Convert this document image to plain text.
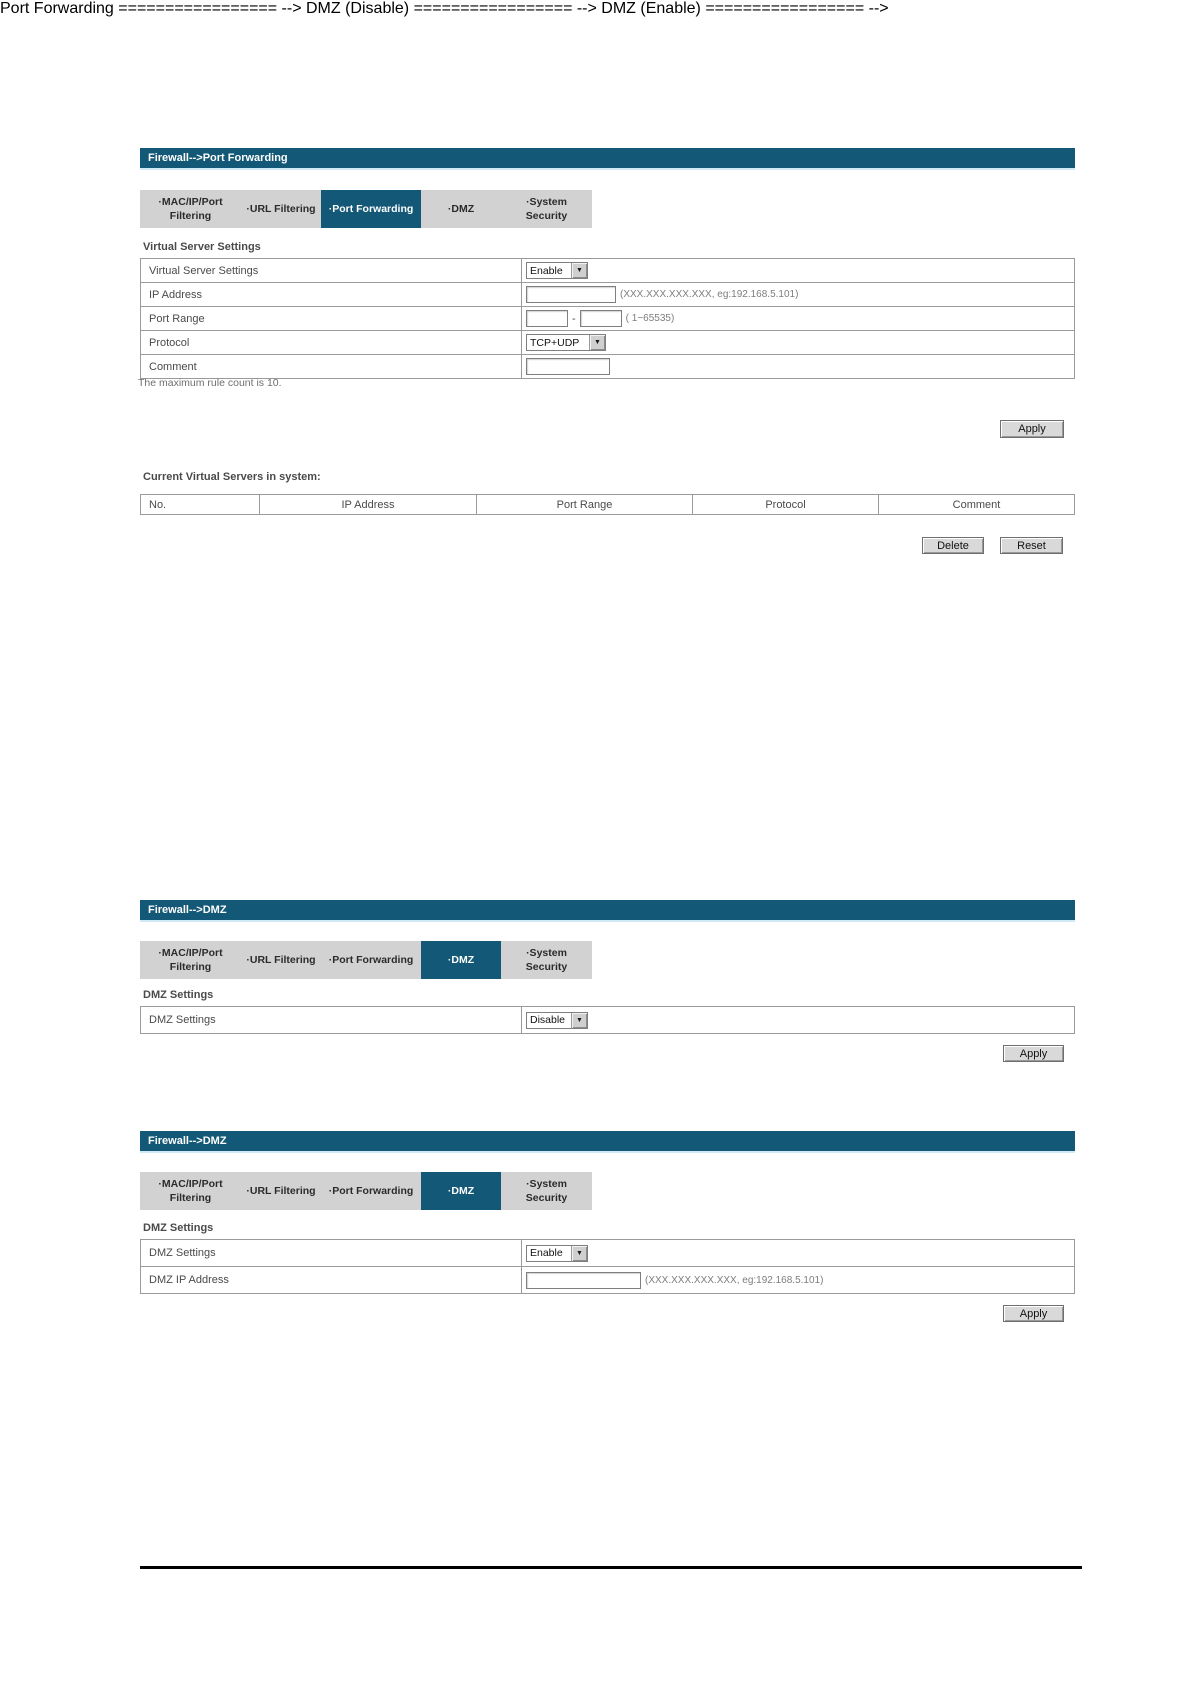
Port Forwarding ================= -->
Firewall-->Port Forwarding
·MAC/IP/Port Filtering
·URL Filtering	·Port Forwarding	·DMZ
·System Security
Virtual Server Settings
Virtual Server Settings	Enable	▼
IP Address	(XXX.XXX.XXX.XXX, eg:192.168.5.101)
Port Range	-	( 1~65535)
Protocol	TCP+UDP	▼
Comment
The maximum rule count is 10.
Apply
Current Virtual Servers in system:
No.	IP Address	Port Range	Protocol	Comment
Delete	Reset
DMZ (Disable) ================= -->
Firewall-->DMZ
·MAC/IP/Port Filtering
·URL Filtering	·Port Forwarding	·DMZ
·System Security
DMZ Settings
DMZ Settings	Disable	▼
Apply
DMZ (Enable) ================= -->
Firewall-->DMZ
·MAC/IP/Port Filtering
·URL Filtering	·Port Forwarding	·DMZ
·System Security
DMZ Settings
DMZ Settings	Enable	▼
DMZ IP Address	(XXX.XXX.XXX.XXX, eg:192.168.5.101)
Apply
